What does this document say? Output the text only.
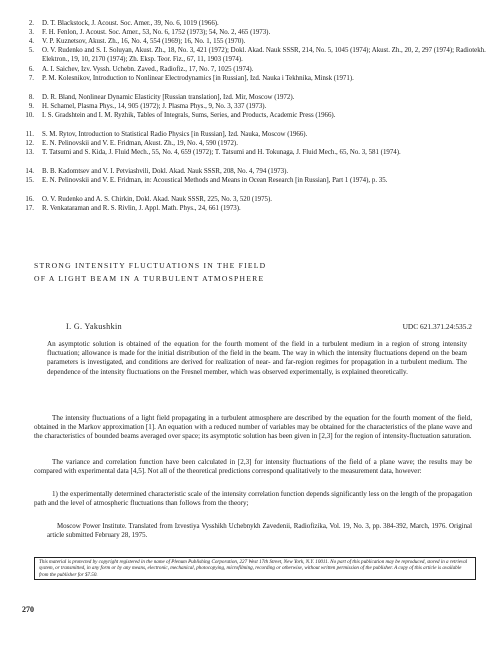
2. D. T. Blackstock, J. Acoust. Soc. Amer., 39, No. 6, 1019 (1966).
3. F. H. Fenlon, J. Acoust. Soc. Amer., 53, No. 6, 1752 (1973); 54, No. 2, 465 (1973).
4. V. P. Kuznetsov, Akust. Zh., 16, No. 4, 554 (1969); 16, No. 1, 155 (1970).
5. O. V. Rudenko and S. I. Soluyan, Akust. Zh., 18, No. 3, 421 (1972); Dokl. Akad. Nauk SSSR, 214, No. 5, 1045 (1974); Akust. Zh., 20, 2, 297 (1974); Radiotekh. Elektron., 19, 10, 2170 (1974); Zh. Eksp. Teor. Fiz., 67, 11, 1903 (1974).
6. A. I. Saichev, Izv. Vyssh. Uchebn. Zaved., Radiofiz., 17, No. 7, 1025 (1974).
7. P. M. Kolesnikov, Introduction to Nonlinear Electrodynamics [in Russian], Izd. Nauka i Tekhnika, Minsk (1971).
8. D. R. Bland, Nonlinear Dynamic Elasticity [Russian translation], Izd. Mir, Moscow (1972).
9. H. Schamel, Plasma Phys., 14, 905 (1972); J. Plasma Phys., 9, No. 3, 337 (1973).
10. I. S. Gradshtein and I. M. Ryzhik, Tables of Integrals, Sums, Series, and Products, Academic Press (1966).
11. S. M. Rytov, Introduction to Statistical Radio Physics [in Russian], Izd. Nauka, Moscow (1966).
12. E. N. Pelinovskii and V. E. Fridman, Akust. Zh., 19, No. 4, 590 (1972).
13. T. Tatsumi and S. Kida, J. Fluid Mech., 55, No. 4, 659 (1972); T. Tatsumi and H. Tokunaga, J. Fluid Mech., 65, No. 3, 581 (1974).
14. B. B. Kadomtsev and V. I. Petviashvili, Dokl. Akad. Nauk SSSR, 208, No. 4, 794 (1973).
15. E. N. Pelinovskii and V. E. Fridman, in: Acoustical Methods and Means in Ocean Research [in Russian], Part 1 (1974), p. 35.
16. O. V. Rudenko and A. S. Chirkin, Dokl. Akad. Nauk SSSR, 225, No. 3, 520 (1975).
17. R. Venkataraman and R. S. Rivlin, J. Appl. Math. Phys., 24, 661 (1973).
STRONG INTENSITY FLUCTUATIONS IN THE FIELD
OF A LIGHT BEAM IN A TURBULENT ATMOSPHERE
I. G. Yakushkin	UDC 621.371.24:535.2
An asymptotic solution is obtained of the equation for the fourth moment of the field in a turbulent medium in a region of strong intensity fluctuation; allowance is made for the initial distribution of the field in the beam. The way in which the intensity fluctuations depend on the beam parameters is investigated, and conditions are derived for realization of near- and far-region regimes for propagation in a turbulent medium. The dependence of the intensity fluctuations on the Fresnel member, which was observed experimentally, is explained theoretically.
The intensity fluctuations of a light field propagating in a turbulent atmosphere are described by the equation for the fourth moment of the field, obtained in the Markov approximation [1]. An equation with a reduced number of variables may be obtained for the characteristics of the plane wave and the characteristics of bounded beams averaged over space; its asymptotic solution has been given in [2,3] for the region of intensity-fluctuation saturation.
The variance and correlation function have been calculated in [2,3] for intensity fluctuations of the field of a plane wave; the results may be compared with experimental data [4,5]. Not all of the theoretical predictions correspond qualitatively to the measurement data, however:
1) the experimentally determined characteristic scale of the intensity correlation function depends significantly less on the length of the propagation path and the level of atmospheric fluctuations than follows from the theory;
Moscow Power Institute. Translated from Izvestiya Vysshikh Uchebnykh Zavedenii, Radiofizika, Vol. 19, No. 3, pp. 384-392, March, 1976. Original article submitted February 28, 1975.
This material is protected by copyright registered in the name of Plenum Publishing Corporation, 227 West 17th Street, New York, N.Y. 10011. No part of this publication may be reproduced, stored in a retrieval system, or transmitted, in any form or by any means, electronic, mechanical, photocopying, microfilming, recording or otherwise, without written permission of the publisher. A copy of this article is available from the publisher for $7.50.
270
